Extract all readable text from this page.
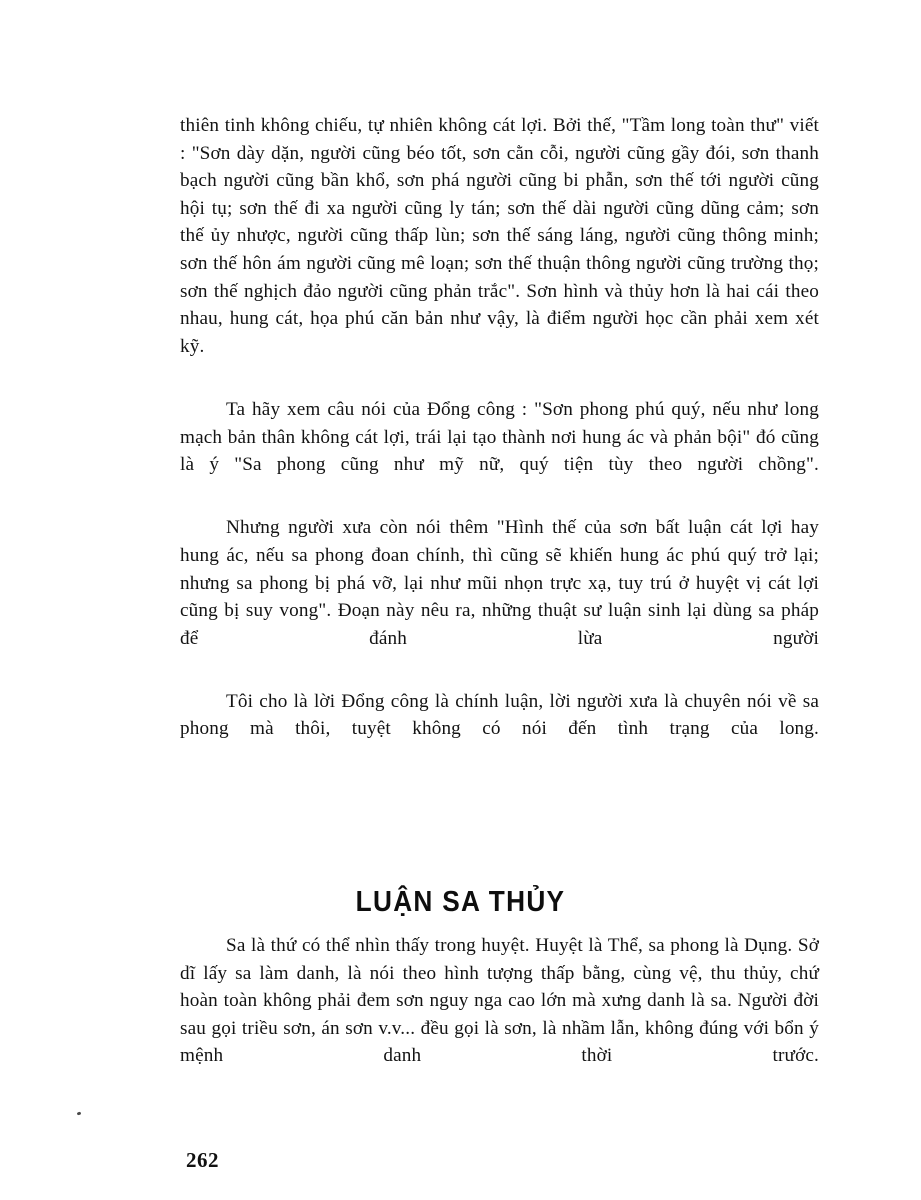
thiên tinh không chiếu, tự nhiên không cát lợi. Bởi thế, "Tầm long toàn thư" viết : "Sơn dày dặn, người cũng béo tốt, sơn cằn cỗi, người cũng gầy đói, sơn thanh bạch người cũng bần khổ, sơn phá người cũng bi phẫn, sơn thế tới người cũng hội tụ; sơn thế đi xa người cũng ly tán; sơn thế dài người cũng dũng cảm; sơn thế ủy nhược, người cũng thấp lùn; sơn thế sáng láng, người cũng thông minh; sơn thế hôn ám người cũng mê loạn; sơn thế thuận thông người cũng trường thọ; sơn thế nghịch đảo người cũng phản trắc". Sơn hình và thủy hơn là hai cái theo nhau, hung cát, họa phú căn bản như vậy, là điểm người học cần phải xem xét kỹ.

Ta hãy xem câu nói của Đổng công : "Sơn phong phú quý, nếu như long mạch bản thân không cát lợi, trái lại tạo thành nơi hung ác và phản bội" đó cũng là ý "Sa phong cũng như mỹ nữ, quý tiện tùy theo người chồng".

Nhưng người xưa còn nói thêm "Hình thế của sơn bất luận cát lợi hay hung ác, nếu sa phong đoan chính, thì cũng sẽ khiến hung ác phú quý trở lại; nhưng sa phong bị phá vỡ, lại như mũi nhọn trực xạ, tuy trú ở huyệt vị cát lợi cũng bị suy vong". Đoạn này nêu ra, những thuật sư luận sinh lại dùng sa pháp để đánh lừa người

Tôi cho là lời Đổng công là chính luận, lời người xưa là chuyên nói về sa phong mà thôi, tuyệt không có nói đến tình trạng của long.

LUẬN SA THỦY

Sa là thứ có thể nhìn thấy trong huyệt. Huyệt là Thể, sa phong là Dụng. Sở dĩ lấy sa làm danh, là nói theo hình tượng thấp bằng, cùng vệ, thu thủy, chứ hoàn toàn không phải đem sơn nguy nga cao lớn mà xưng danh là sa. Người đời sau gọi triều sơn, án sơn v.v... đều gọi là sơn, là nhầm lẫn, không đúng với bổn ý mệnh danh thời trước.

262
